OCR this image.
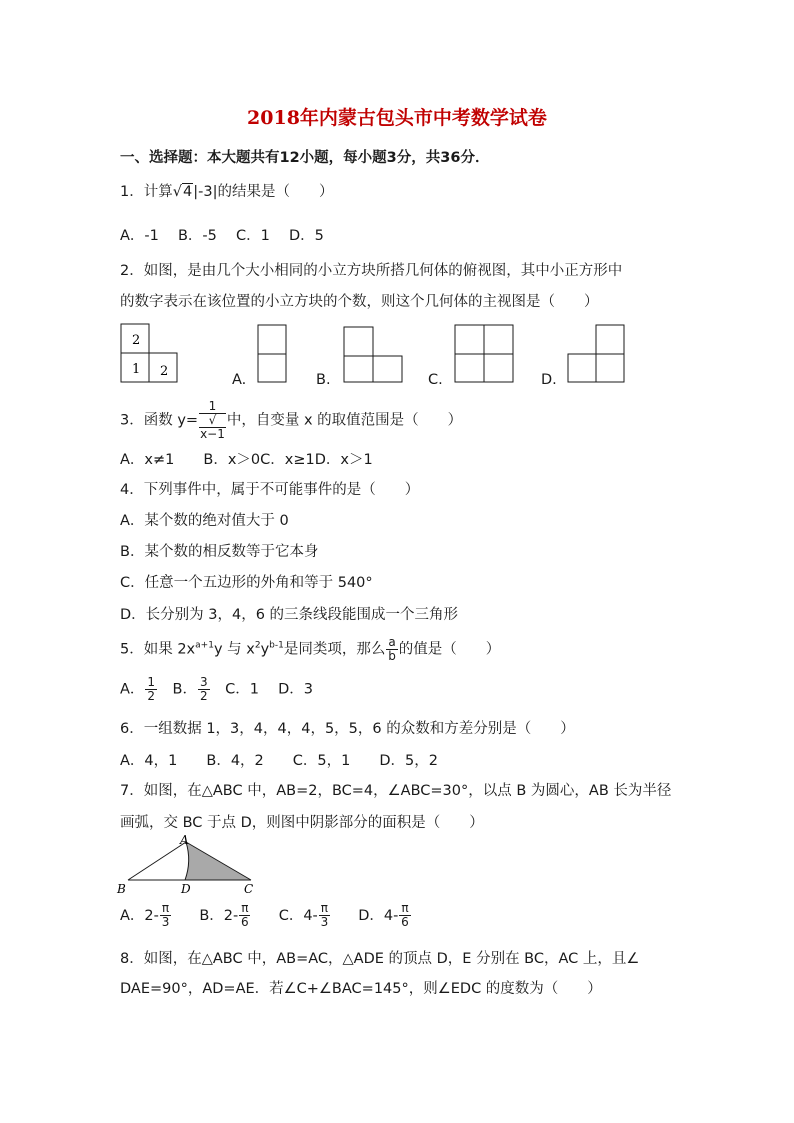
2018年内蒙古包头市中考数学试卷
一、选择题：本大题共有12小题，每小题3分，共36分．
1．计算√4|-3|的结果是（　　）
A．-1　 B．-5　 C．1　 D．5
2．如图，是由几个大小相同的小立方块所搭几何体的俯视图，其中小正方形中
的数字表示在该位置的小立方块的个数，则这个几何体的主视图是（　　）
2
1 2
A.	B.	C.	D.
3．函数 y= 1
√
x−1 中，自变量 x 的取值范围是（　　）
A．x≠1　　B．x＞0C．x≥1D．x＞1
4．下列事件中，属于不可能事件的是（　　）
A．某个数的绝对值大于 0
B．某个数的相反数等于它本身
C．任意一个五边形的外角和等于 540°
D．长分别为 3，4，6 的三条线段能围成一个三角形
5．如果 $2x^{a+1}y$ 与 $x^2y^{b-1}$是同类项，那么 $\frac{a}{b}$ 的值是（　　）
A． $\frac{1}{2}$ 　B． $\frac{3}{2}$ 　C．1　 D．3
6．一组数据 1，3，4，4，4，5，5，6 的众数和方差分别是（　　）
A．4，1　　B．4，2　　C．5，1　　D．5，2
7．如图，在△ABC 中，AB=2，BC=4，∠ABC=30°，以点 B 为圆心，AB 长为半径
画弧，交 BC 于点 D，则图中阴影部分的面积是（　　）
A
B	D	C
A．$2- \frac{\pi}{3}$ B．$2- \frac{\pi}{6}$ C．$4- \frac{\pi}{3}$ D．$4- \frac{\pi}{6}$
8．如图，在△ABC 中，AB=AC，△ADE 的顶点 D，E 分别在 BC，AC 上，且∠
DAE=90°，AD=AE．若∠C+∠BAC=145°，则∠EDC 的度数为（　　）
